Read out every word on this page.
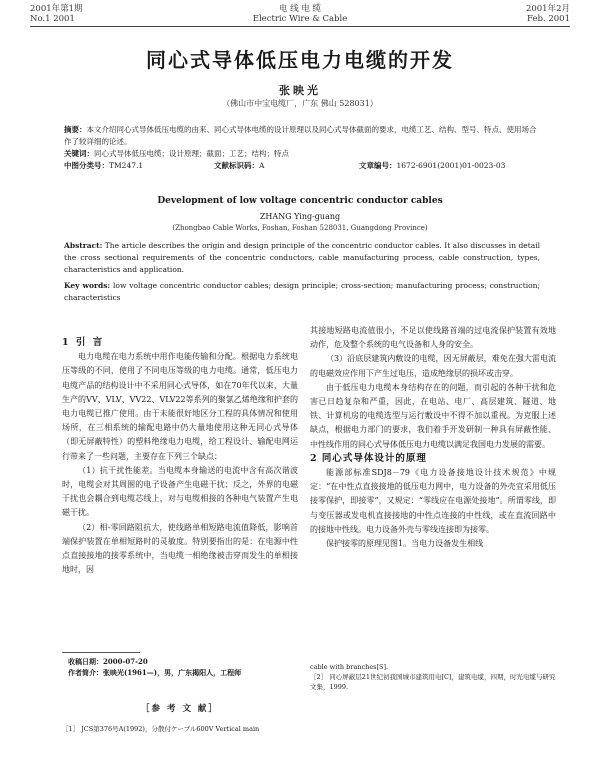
2001年第1期
No.1 2001
电 线 电 缆
Electric Wire & Cable
2001年2月
Feb. 2001
同心式导体低压电力电缆的开发
张映光
（佛山市中宝电缆厂，广东 佛山 528031）

摘要：本文介绍同心式导体低压电缆的由来、同心式导体电缆的设计原理以及同心式导体截面的要求，电缆工艺、结构、型号、特点、使用场合作了较详细的论述。

关键词：同心式导体低压电缆；设计原理；截面；工艺；结构；特点

中图分类号：TM247.1	文献标识码：A	文章编号：1672-6901(2001)01-0023-03
Development of low voltage concentric conductor cables
ZHANG Ying-guang
(Zhongbao Cable Works, Foshan, Foshan 528031, Guangdong Province)

Abstract: The article describes the origin and design principle of the concentric conductor cables. It also discusses in detail the cross sectional requirements of the concentric conductors, cable manufacturing process, cable construction, types, characteristics and application.

Key words: low voltage concentric conductor cables; design principle; cross-section; manufacturing process; construction; characteristics

1 引 言

电力电缆在电力系统中用作电能传输和分配。根据电力系统电压等级的不同，使用了不同电压等级的电力电缆。通常，低压电力电缆产品的结构设计中不采用同心式导体，如在70年代以来，大量生产的VV、VLV、VV22、VLV22等系列的聚氯乙烯绝缘和护套的电力电缆已推广使用。由于未能很好地区分工程的具体情况和使用场所，在三相系统的输配电路中仍大量地使用这种无同心式导体（即无屏蔽特性）的塑料绝缘电力电缆，给工程设计、输配电网运行带来了一些问题，主要存在下列三个缺点：

（1）抗干扰性能差。当电缆本身输送的电流中含有高次谐波时，电缆会对其周围的电子设备产生电磁干扰；反之，外界的电磁干扰也会耦合到电缆芯线上，对与电缆相接的各种电气装置产生电磁干扰。

（2）相-零回路阻抗大，使线路单相短路电流值降低，影响首端保护装置在单相短路时的灵敏度。特别要指出的是：在电源中性点直接接地的接零系统中，当电缆一相绝缘被击穿而发生的单相接地时，因

其接地短路电流值很小，不足以使线路首端的过电流保护装置有效地动作，危及整个系统的电气设备和人身的安全。

（3）沿底层建筑内敷设的电缆，因无屏蔽层，难免在强大雷电流的电磁效应作用下产生过电压，造成绝缘层的损坏或击穿。

由于低压电力电缆本身结构存在的问题，而引起的各种干扰和危害已日趋复杂和严重，因此，在电站、电厂、高层建筑、隧道、地铁、计算机房的电缆选型与运行敷设中不得不加以重视。为克服上述缺点，根据电力部门的要求，我们着手开发研制一种具有屏蔽性能、中性线作用的同心式导体低压电力电缆以满足我国电力发展的需要。

2 同心式导体设计的原理

能源部标准SDJ8－79《电力设备接地设计技术规范》中规定：“在中性点直接接地的低压电力网中，电力设备的外壳宜采用低压接零保护，即接零”，又规定：“零线应在电源处接地”。所谓零线，即与变压器或发电机直接接地的中性点连接的中性线，或在直流回路中的接地中性线。电力设备外壳与零线连接即为接零。

保护接零的原理见图1。当电力设备发生相线

收稿日期：2000-07-20

作者简介：张映光(1961—)，男，广东揭阳人，工程师

［参 考 文 献］
［1］ JCS第376号A(1992)，分散付ケーブル600V Vertical main

cable with branches[S].

［2］ 同心屏蔽层21世纪初我国城市建筑用电[C]，建筑电缆，四期，时光电缆与研究文集，1999.
